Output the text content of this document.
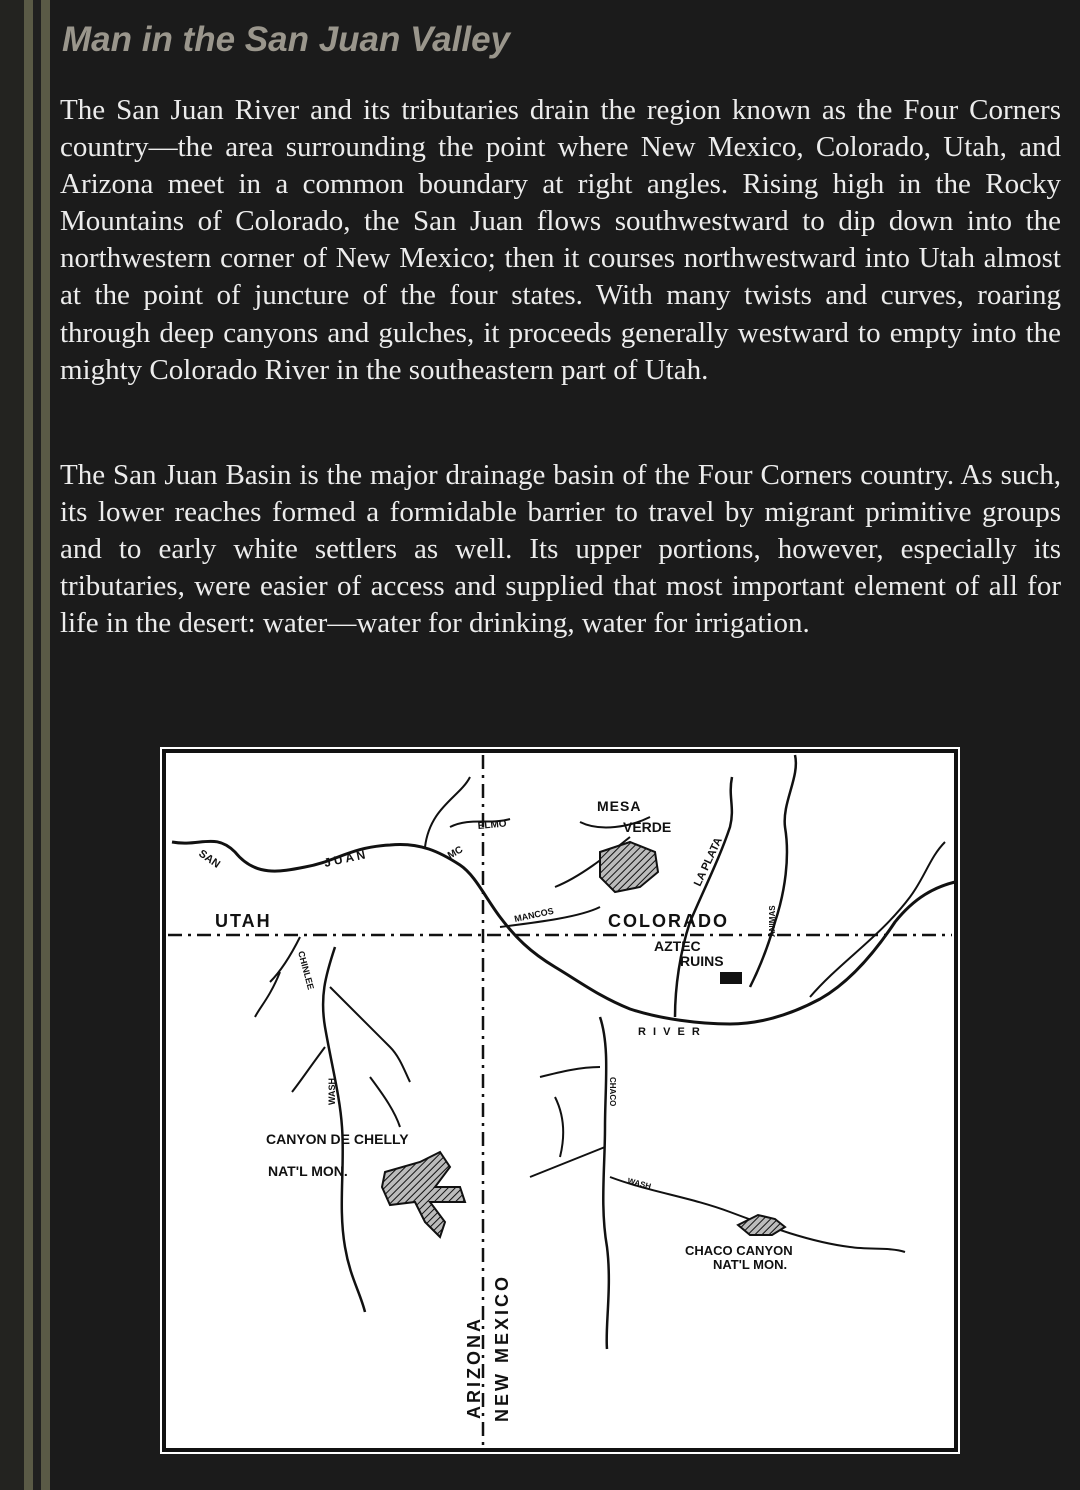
Man in the San Juan Valley

The San Juan River and its tributaries drain the region known as the Four Corners country—the area surrounding the point where New Mexico, Colorado, Utah, and Arizona meet in a common boundary at right angles. Rising high in the Rocky Mountains of Colorado, the San Juan flows southwestward to dip down into the northwestern corner of New Mexico; then it courses northwestward into Utah almost at the point of juncture of the four states. With many twists and curves, roaring through deep canyons and gulches, it proceeds generally westward to empty into the mighty Colorado River in the southeastern part of Utah.

The San Juan Basin is the major drainage basin of the Four Corners country. As such, its lower reaches formed a formidable barrier to travel by migrant primitive groups and to early white settlers as well. Its upper portions, however, especially its tributaries, were easier of access and supplied that most important element of all for life in the desert: water—water for drinking, water for irrigation.

SAN	J U A N
UTAH
MC
ELMO
MESA
VERDE
LA PLATA
ANIMAS
MANCOS	COLORADO
AZTEC
RUINS
R I V E R
CHINLEE
WASH	CHACO
WASH
CANYON DE CHELLY
NAT'L MON.
ARIZONA NEW MEXICO
CHACO CANYON
NAT'L MON.
